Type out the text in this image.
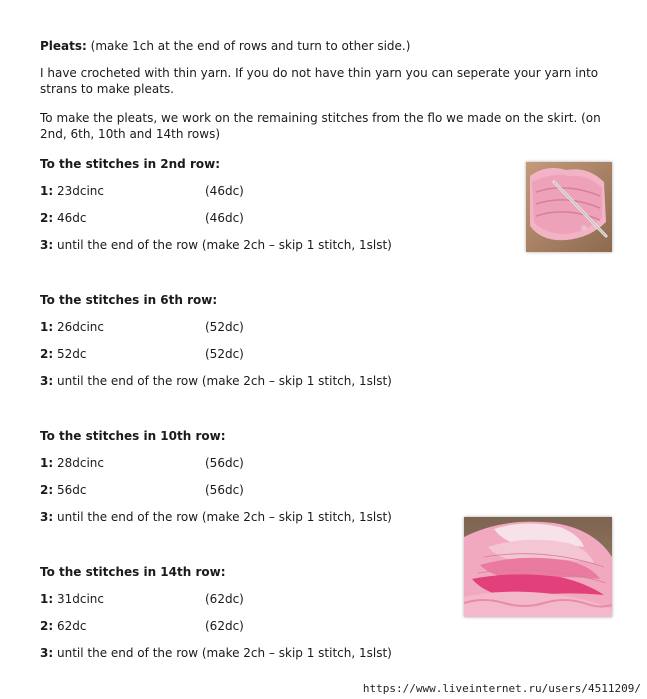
Pleats: (make 1ch at the end of rows and turn to other side.)
I have crocheted with thin yarn. If you do not have thin yarn you can seperate your yarn into strans to make pleats.
To make the pleats, we work on the remaining stitches from the flo we made on the skirt. (on 2nd, 6th, 10th and 14th rows)
To the stitches in 2nd row:
1: 23dcinc	(46dc)
2: 46dc	(46dc)
3: until the end of the row (make 2ch – skip 1 stitch, 1slst)
To the stitches in 6th row:
1: 26dcinc	(52dc)
2: 52dc	(52dc)
3: until the end of the row (make 2ch – skip 1 stitch, 1slst)
To the stitches in 10th row:
1: 28dcinc	(56dc)
2: 56dc	(56dc)
3: until the end of the row (make 2ch – skip 1 stitch, 1slst)
To the stitches in 14th row:
1: 31dcinc	(62dc)
2: 62dc	(62dc)
3: until the end of the row (make 2ch – skip 1 stitch, 1slst)
https://www.liveinternet.ru/users/4511209/
